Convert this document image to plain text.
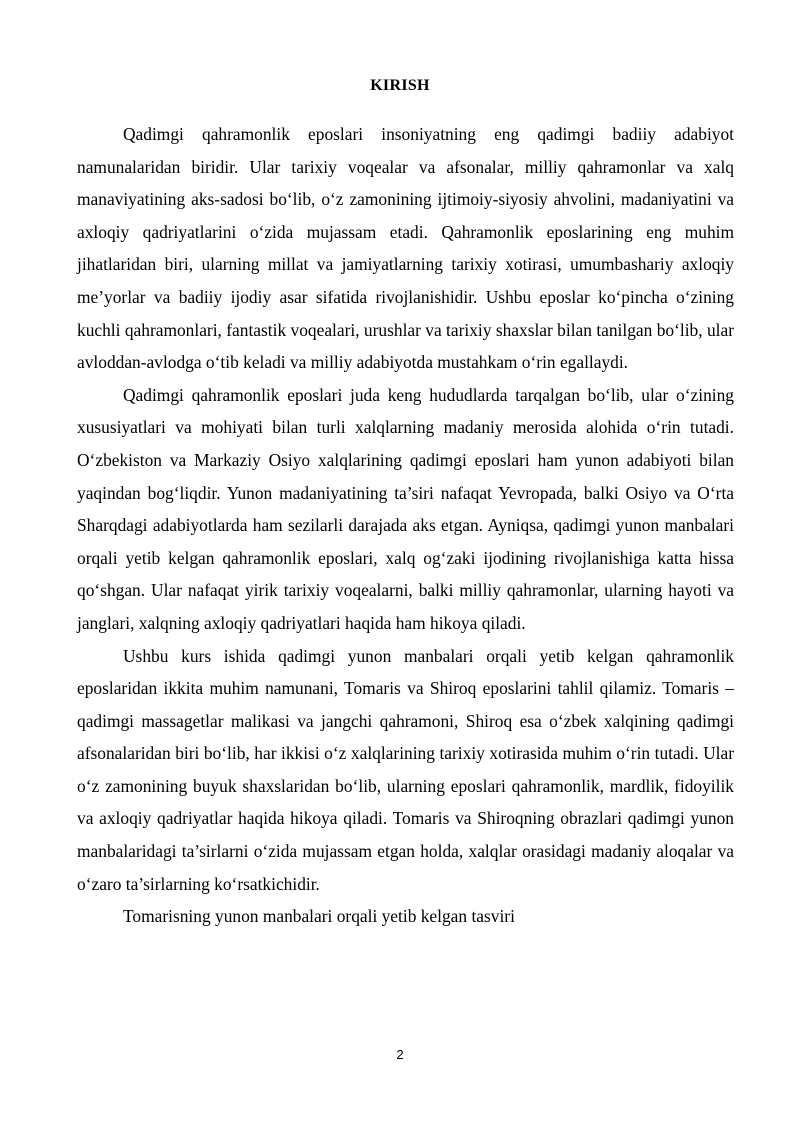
KIRISH

Qadimgi qahramonlik eposlari insoniyatning eng qadimgi badiiy adabiyot namunalaridan biridir. Ular tarixiy voqealar va afsonalar, milliy qahramonlar va xalq manaviyatining aks-sadosi bo‘lib, o‘z zamonining ijtimoiy-siyosiy ahvolini, madaniyatini va axloqiy qadriyatlarini o‘zida mujassam etadi. Qahramonlik eposlarining eng muhim jihatlaridan biri, ularning millat va jamiyatlarning tarixiy xotirasi, umumbashariy axloqiy me’yorlar va badiiy ijodiy asar sifatida rivojlanishidir. Ushbu eposlar ko‘pincha o‘zining kuchli qahramonlari, fantastik voqealari, urushlar va tarixiy shaxslar bilan tanilgan bo‘lib, ular avloddan-avlodga o‘tib keladi va milliy adabiyotda mustahkam o‘rin egallaydi.

Qadimgi qahramonlik eposlari juda keng hududlarda tarqalgan bo‘lib, ular o‘zining xususiyatlari va mohiyati bilan turli xalqlarning madaniy merosida alohida o‘rin tutadi. O‘zbekiston va Markaziy Osiyo xalqlarining qadimgi eposlari ham yunon adabiyoti bilan yaqindan bog‘liqdir. Yunon madaniyatining ta’siri nafaqat Yevropada, balki Osiyo va O‘rta Sharqdagi adabiyotlarda ham sezilarli darajada aks etgan. Ayniqsa, qadimgi yunon manbalari orqali yetib kelgan qahramonlik eposlari, xalq og‘zaki ijodining rivojlanishiga katta hissa qo‘shgan. Ular nafaqat yirik tarixiy voqealarni, balki milliy qahramonlar, ularning hayoti va janglari, xalqning axloqiy qadriyatlari haqida ham hikoya qiladi.

Ushbu kurs ishida qadimgi yunon manbalari orqali yetib kelgan qahramonlik eposlaridan ikkita muhim namunani, Tomaris va Shiroq eposlarini tahlil qilamiz. Tomaris – qadimgi massagetlar malikasi va jangchi qahramoni, Shiroq esa o‘zbek xalqining qadimgi afsonalaridan biri bo‘lib, har ikkisi o‘z xalqlarining tarixiy xotirasida muhim o‘rin tutadi. Ular o‘z zamonining buyuk shaxslaridan bo‘lib, ularning eposlari qahramonlik, mardlik, fidoyilik va axloqiy qadriyatlar haqida hikoya qiladi. Tomaris va Shiroqning obrazlari qadimgi yunon manbalaridagi ta’sirlarni o‘zida mujassam etgan holda, xalqlar orasidagi madaniy aloqalar va o‘zaro ta’sirlarning ko‘rsatkichidir.

Tomarisning yunon manbalari orqali yetib kelgan tasviri

2
